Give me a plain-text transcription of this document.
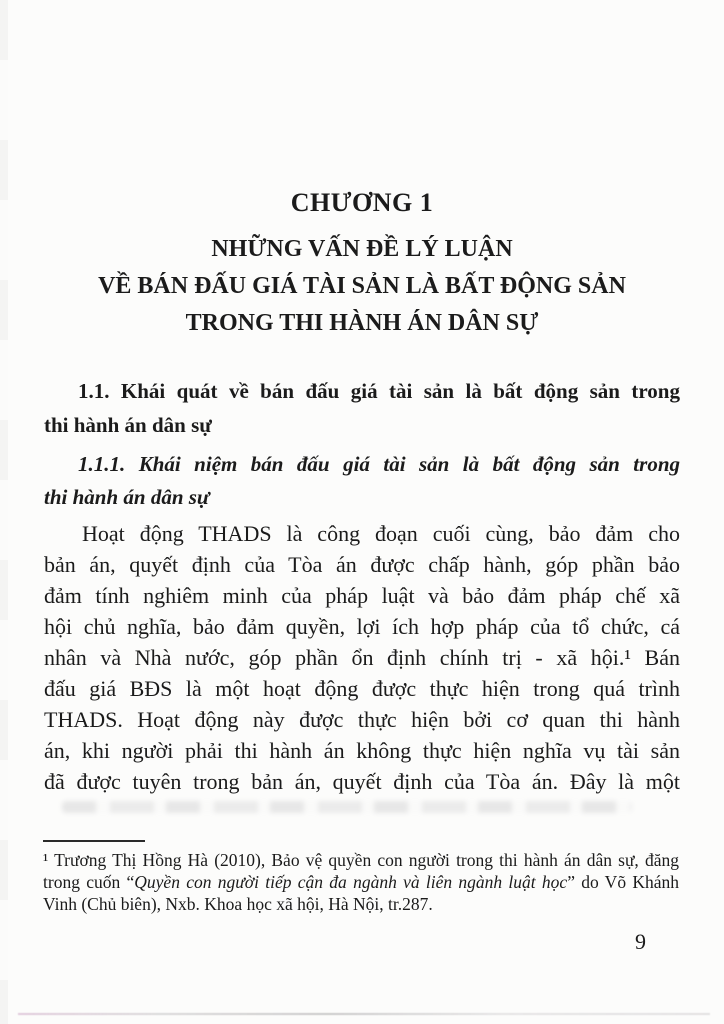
CHƯƠNG 1
NHỮNG VẤN ĐỀ LÝ LUẬN
VỀ BÁN ĐẤU GIÁ TÀI SẢN LÀ BẤT ĐỘNG SẢN
TRONG THI HÀNH ÁN DÂN SỰ
1.1. Khái quát về bán đấu giá tài sản là bất động sản trong
thi hành án dân sự
1.1.1. Khái niệm bán đấu giá tài sản là bất động sản trong
thi hành án dân sự
Hoạt động THADS là công đoạn cuối cùng, bảo đảm cho
bản án, quyết định của Tòa án được chấp hành, góp phần bảo
đảm tính nghiêm minh của pháp luật và bảo đảm pháp chế xã
hội chủ nghĩa, bảo đảm quyền, lợi ích hợp pháp của tổ chức, cá
nhân và Nhà nước, góp phần ổn định chính trị - xã hội.¹ Bán
đấu giá BĐS là một hoạt động được thực hiện trong quá trình
THADS. Hoạt động này được thực hiện bởi cơ quan thi hành
án, khi người phải thi hành án không thực hiện nghĩa vụ tài sản
đã được tuyên trong bản án, quyết định của Tòa án. Đây là một
¹ Trương Thị Hồng Hà (2010), Bảo vệ quyền con người trong thi hành án dân sự, đăng trong cuốn “Quyền con người tiếp cận đa ngành và liên ngành luật học” do Võ Khánh Vinh (Chủ biên), Nxb. Khoa học xã hội, Hà Nội, tr.287.
9
